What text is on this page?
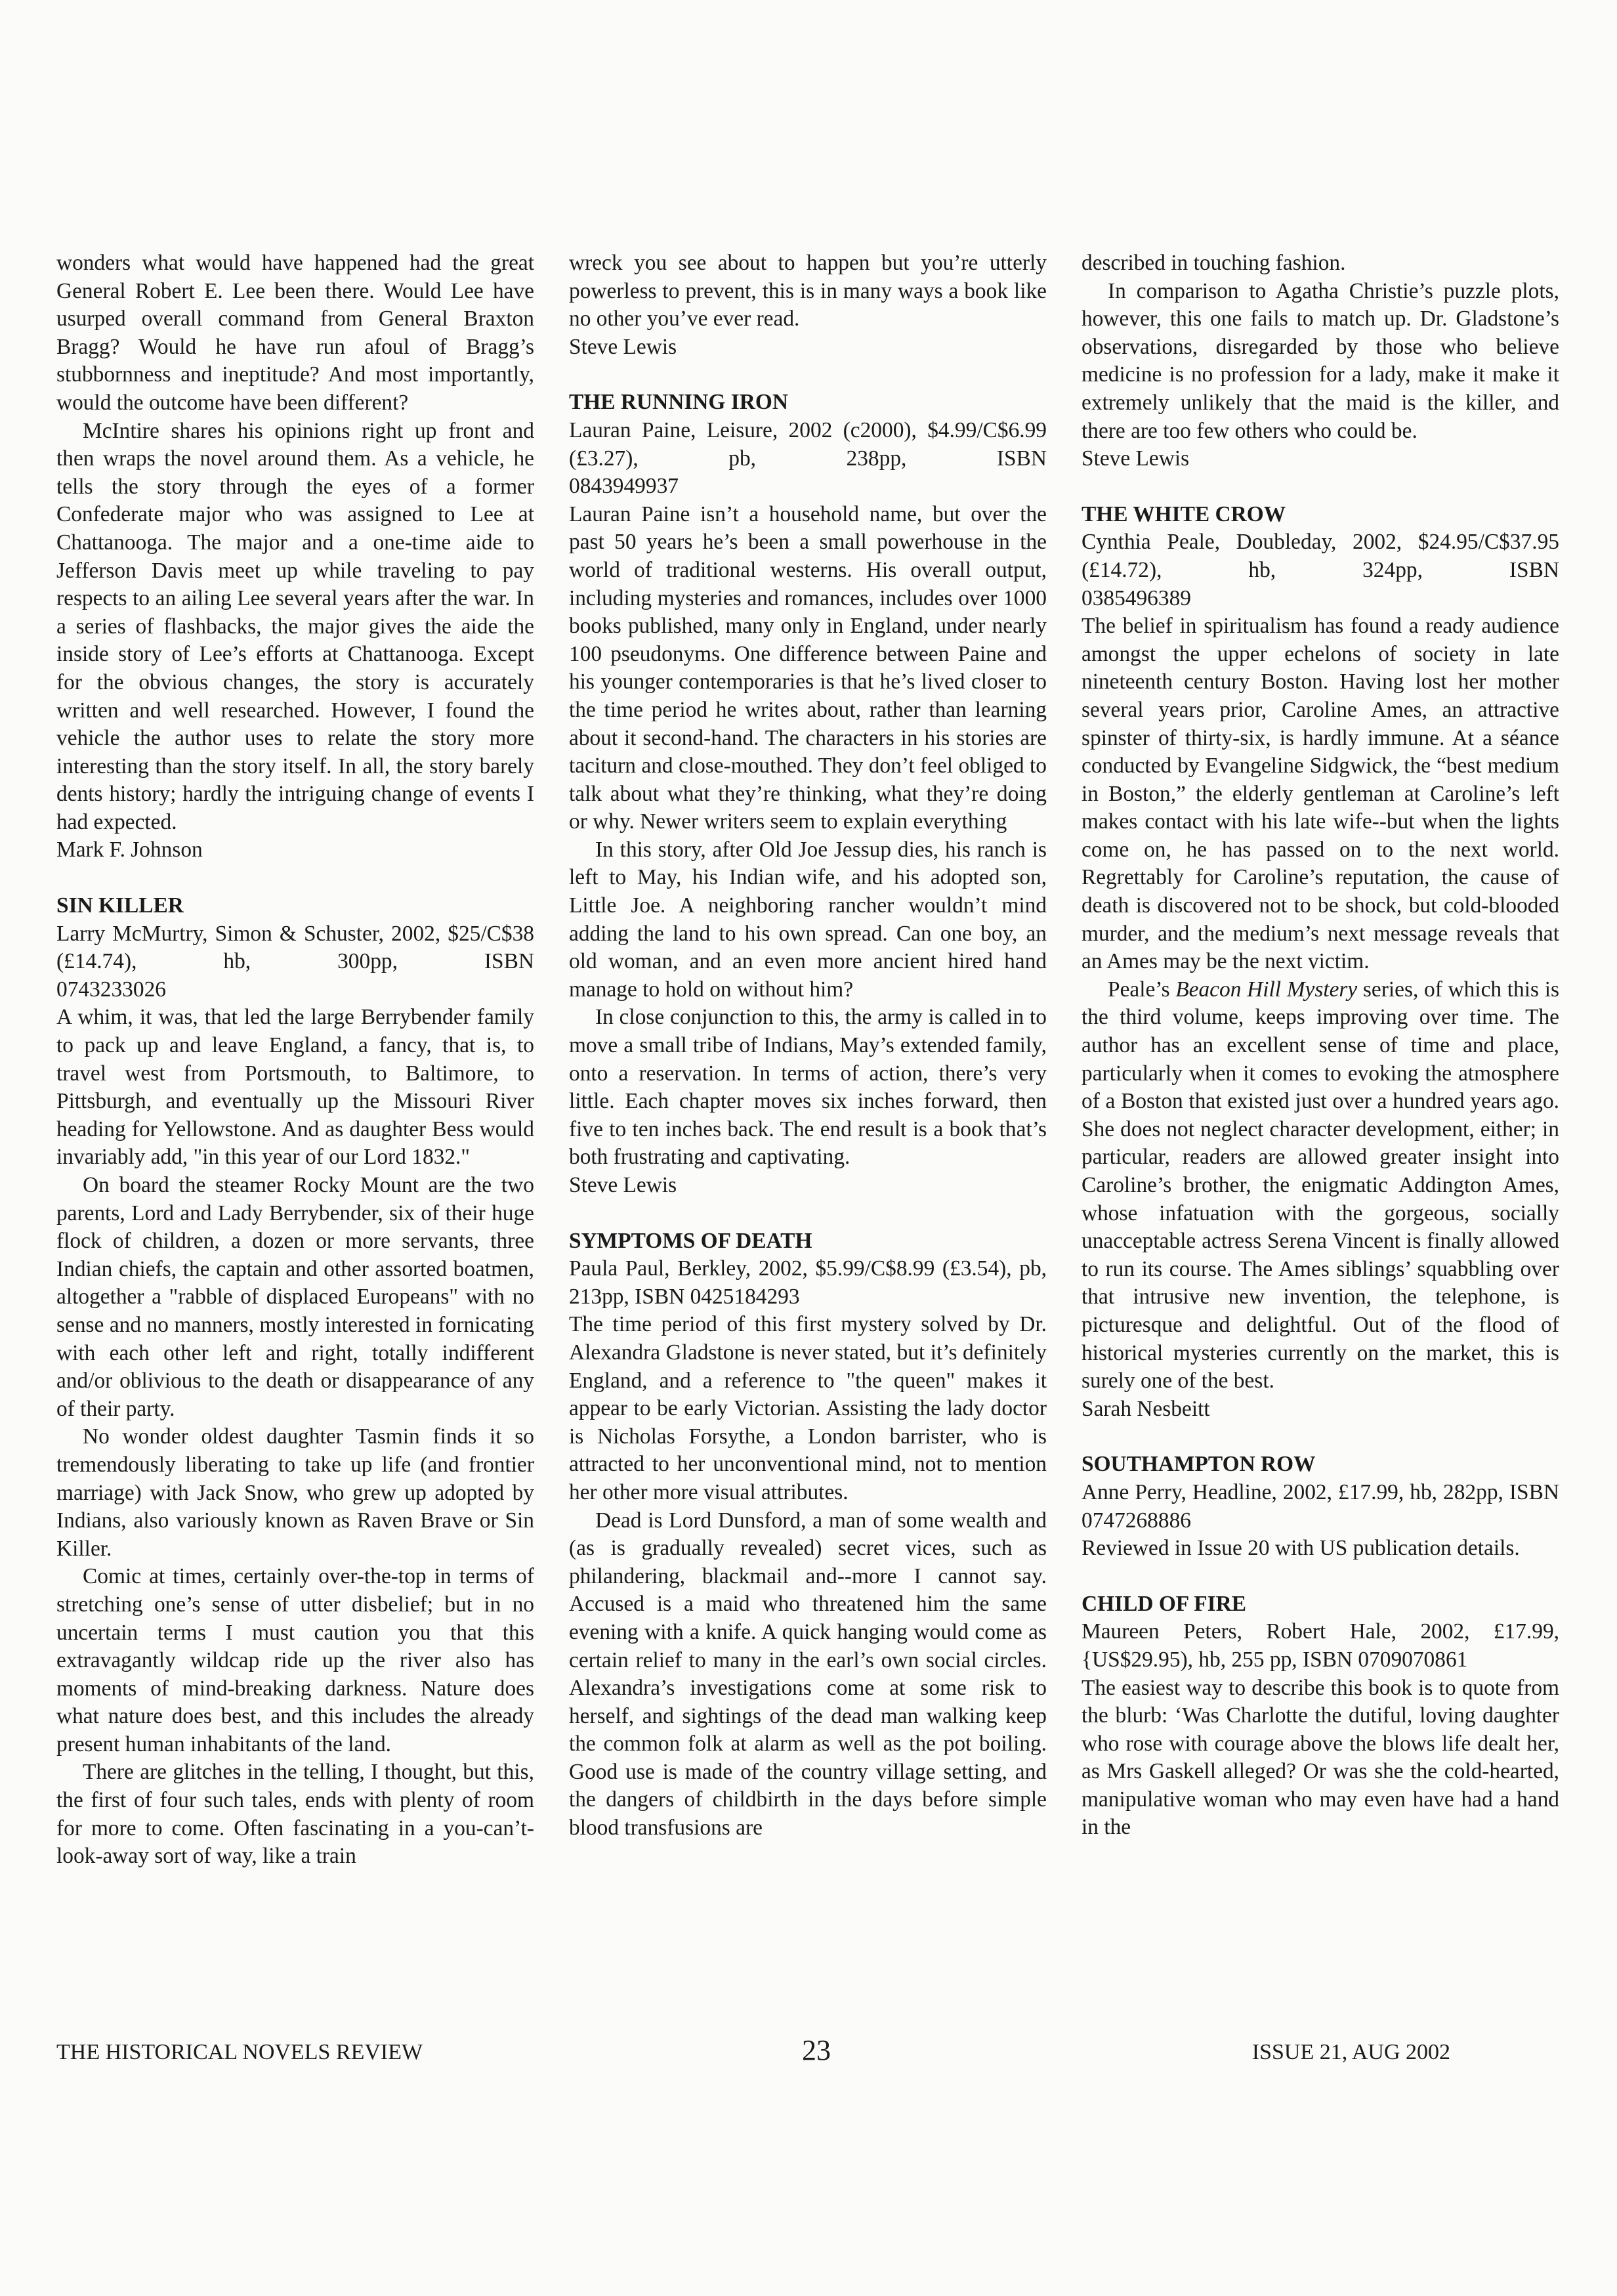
wonders what would have happened had the great General Robert E. Lee been there. Would Lee have usurped overall command from General Braxton Bragg? Would he have run afoul of Bragg’s stubbornness and ineptitude? And most importantly, would the outcome have been different?

McIntire shares his opinions right up front and then wraps the novel around them. As a vehicle, he tells the story through the eyes of a former Confederate major who was assigned to Lee at Chattanooga. The major and a one-time aide to Jefferson Davis meet up while traveling to pay respects to an ailing Lee several years after the war. In a series of flashbacks, the major gives the aide the inside story of Lee’s efforts at Chattanooga. Except for the obvious changes, the story is accurately written and well researched. However, I found the vehicle the author uses to relate the story more interesting than the story itself. In all, the story barely dents history; hardly the intriguing change of events I had expected.

Mark F. Johnson

SIN KILLER

Larry McMurtry, Simon & Schuster, 2002, $25/C$38 (£14.74), hb, 300pp, ISBN

0743233026

A whim, it was, that led the large Berrybender family to pack up and leave England, a fancy, that is, to travel west from Portsmouth, to Baltimore, to Pittsburgh, and eventually up the Missouri River heading for Yellowstone. And as daughter Bess would invariably add, "in this year of our Lord 1832."

On board the steamer Rocky Mount are the two parents, Lord and Lady Berrybender, six of their huge flock of children, a dozen or more servants, three Indian chiefs, the captain and other assorted boatmen, altogether a "rabble of displaced Europeans" with no sense and no manners, mostly interested in fornicating with each other left and right, totally indifferent and/or oblivious to the death or disappearance of any of their party.

No wonder oldest daughter Tasmin finds it so tremendously liberating to take up life (and frontier marriage) with Jack Snow, who grew up adopted by Indians, also variously known as Raven Brave or Sin Killer.

Comic at times, certainly over-the-top in terms of stretching one’s sense of utter disbelief; but in no uncertain terms I must caution you that this extravagantly wildcap ride up the river also has moments of mind-breaking darkness. Nature does what nature does best, and this includes the already present human inhabitants of the land.

There are glitches in the telling, I thought, but this, the first of four such tales, ends with plenty of room for more to come. Often fascinating in a you-can’t-look-away sort of way, like a train

wreck you see about to happen but you’re utterly powerless to prevent, this is in many ways a book like no other you’ve ever read.

Steve Lewis

THE RUNNING IRON

Lauran Paine, Leisure, 2002 (c2000), $4.99/C$6.99 (£3.27), pb, 238pp, ISBN

0843949937

Lauran Paine isn’t a household name, but over the past 50 years he’s been a small powerhouse in the world of traditional westerns. His overall output, including mysteries and romances, includes over 1000 books published, many only in England, under nearly 100 pseudonyms. One difference between Paine and his younger contemporaries is that he’s lived closer to the time period he writes about, rather than learning about it second-hand. The characters in his stories are taciturn and close-mouthed. They don’t feel obliged to talk about what they’re thinking, what they’re doing or why. Newer writers seem to explain everything

In this story, after Old Joe Jessup dies, his ranch is left to May, his Indian wife, and his adopted son, Little Joe. A neighboring rancher wouldn’t mind adding the land to his own spread. Can one boy, an old woman, and an even more ancient hired hand manage to hold on without him?

In close conjunction to this, the army is called in to move a small tribe of Indians, May’s extended family, onto a reservation. In terms of action, there’s very little. Each chapter moves six inches forward, then five to ten inches back. The end result is a book that’s both frustrating and captivating.

Steve Lewis

SYMPTOMS OF DEATH

Paula Paul, Berkley, 2002, $5.99/C$8.99 (£3.54), pb, 213pp, ISBN 0425184293

The time period of this first mystery solved by Dr. Alexandra Gladstone is never stated, but it’s definitely England, and a reference to "the queen" makes it appear to be early Victorian. Assisting the lady doctor is Nicholas Forsythe, a London barrister, who is attracted to her unconventional mind, not to mention her other more visual attributes.

Dead is Lord Dunsford, a man of some wealth and (as is gradually revealed) secret vices, such as philandering, blackmail and--more I cannot say. Accused is a maid who threatened him the same evening with a knife. A quick hanging would come as certain relief to many in the earl’s own social circles. Alexandra’s investigations come at some risk to herself, and sightings of the dead man walking keep the common folk at alarm as well as the pot boiling. Good use is made of the country village setting, and the dangers of childbirth in the days before simple blood transfusions are

described in touching fashion.

In comparison to Agatha Christie’s puzzle plots, however, this one fails to match up. Dr. Gladstone’s observations, disregarded by those who believe medicine is no profession for a lady, make it make it extremely unlikely that the maid is the killer, and there are too few others who could be.

Steve Lewis

THE WHITE CROW

Cynthia Peale, Doubleday, 2002, $24.95/C$37.95 (£14.72), hb, 324pp, ISBN

0385496389

The belief in spiritualism has found a ready audience amongst the upper echelons of society in late nineteenth century Boston. Having lost her mother several years prior, Caroline Ames, an attractive spinster of thirty-six, is hardly immune. At a séance conducted by Evangeline Sidgwick, the “best medium in Boston,” the elderly gentleman at Caroline’s left makes contact with his late wife--but when the lights come on, he has passed on to the next world. Regrettably for Caroline’s reputation, the cause of death is discovered not to be shock, but cold-blooded murder, and the medium’s next message reveals that an Ames may be the next victim.

Peale’s Beacon Hill Mystery series, of which this is the third volume, keeps improving over time. The author has an excellent sense of time and place, particularly when it comes to evoking the atmosphere of a Boston that existed just over a hundred years ago. She does not neglect character development, either; in particular, readers are allowed greater insight into Caroline’s brother, the enigmatic Addington Ames, whose infatuation with the gorgeous, socially unacceptable actress Serena Vincent is finally allowed to run its course. The Ames siblings’ squabbling over that intrusive new invention, the telephone, is picturesque and delightful. Out of the flood of historical mysteries currently on the market, this is surely one of the best.

Sarah Nesbeitt

SOUTHAMPTON ROW

Anne Perry, Headline, 2002, £17.99, hb, 282pp, ISBN 0747268886

Reviewed in Issue 20 with US publication details.

CHILD OF FIRE

Maureen Peters, Robert Hale, 2002, £17.99, {US$29.95), hb, 255 pp, ISBN 0709070861

The easiest way to describe this book is to quote from the blurb: ‘Was Charlotte the dutiful, loving daughter who rose with courage above the blows life dealt her, as Mrs Gaskell alleged? Or was she the cold-hearted, manipulative woman who may even have had a hand in the

THE HISTORICAL NOVELS REVIEW	23	ISSUE 21, AUG 2002
